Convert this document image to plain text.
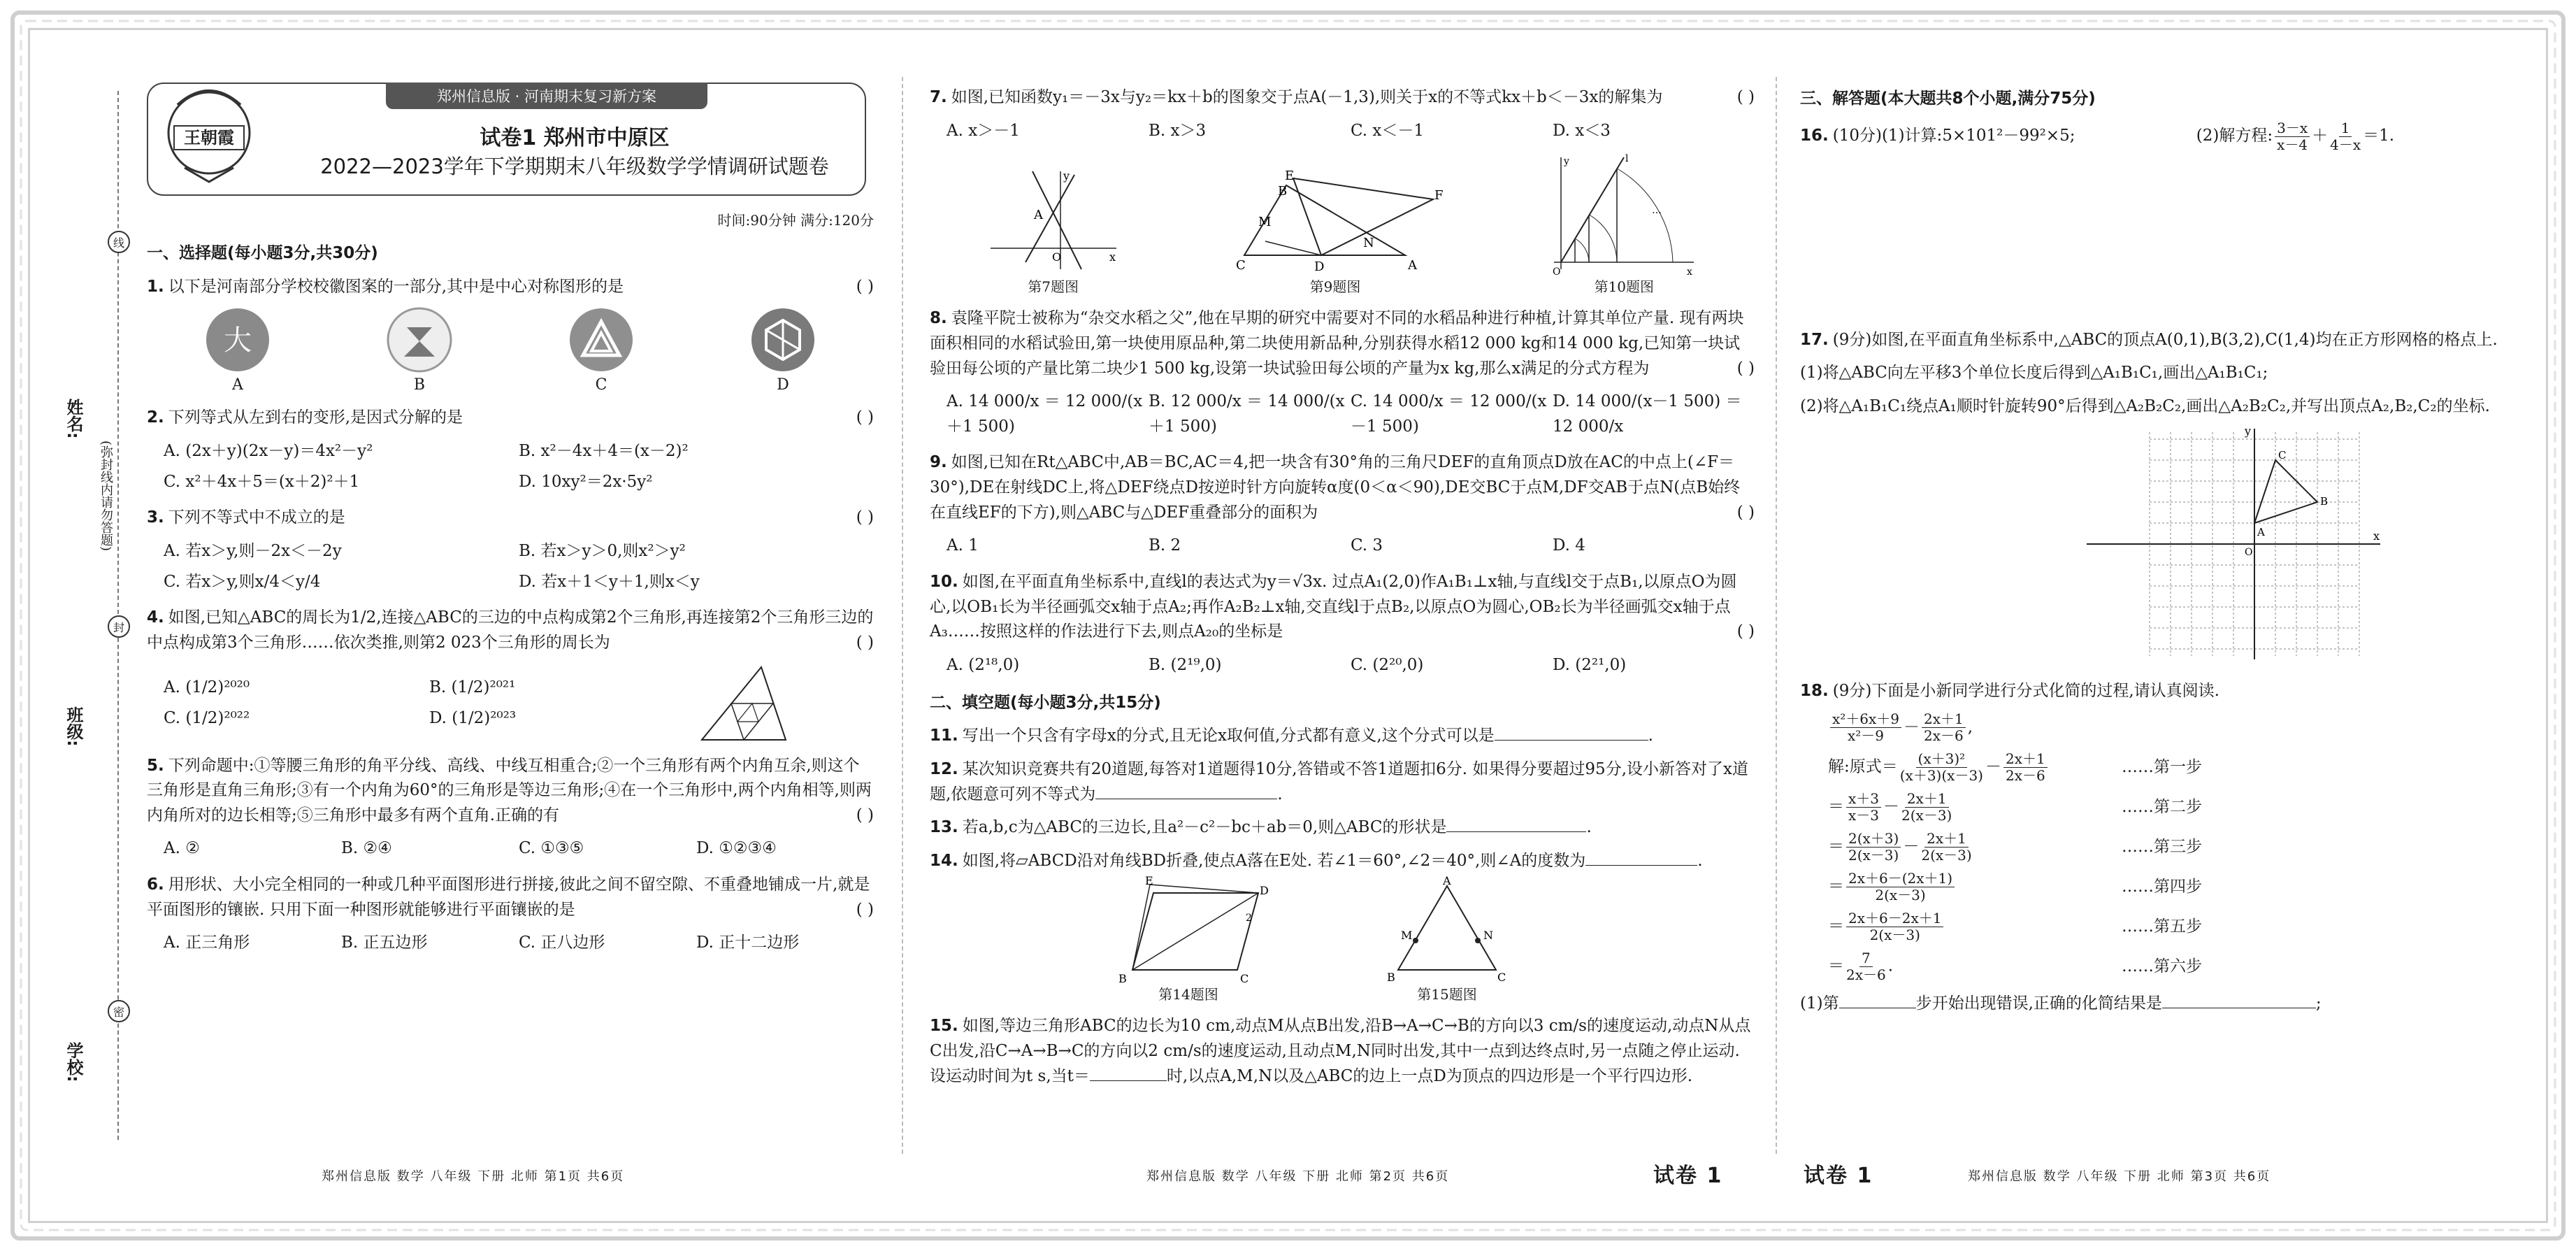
线
封
密
姓名:
(弥封线内请勿答题)
班级:
学校:
郑州信息版 · 河南期末复习新方案
王朝霞	试卷1 郑州市中原区
2022—2023学年下学期期末八年级数学学情调研试题卷
时间:90分钟 满分:120分
一、选择题(每小题3分,共30分)
1. 以下是河南部分学校校徽图案的一部分,其中是中心对称图形的是	( )
大
A	B	C	D
2. 下列等式从左到右的变形,是因式分解的是	( )
A. (2x＋y)(2x－y)＝4x²－y²	B. x²－4x＋4＝(x－2)²
C. x²＋4x＋5＝(x＋2)²＋1	D. 10xy²＝2x·5y²
3. 下列不等式中不成立的是	( )
A. 若x＞y,则－2x＜－2y	B. 若x＞y＞0,则x²＞y²
C. 若x＞y,则x/4＜y/4	D. 若x＋1＜y＋1,则x＜y
4. 如图,已知△ABC的周长为1/2,连接△ABC的三边的中点构成第2个三角形,再连接第2个三角形三边的中点构成第3个三角形……依次类推,则第2 023个三角形的周长为	( )
A. (1/2)²⁰²⁰	B. (1/2)²⁰²¹
C. (1/2)²⁰²²	D. (1/2)²⁰²³
5. 下列命题中:①等腰三角形的角平分线、高线、中线互相重合;②一个三角形有两个内角互余,则这个三角形是直角三角形;③有一个内角为60°的三角形是等边三角形;④在一个三角形中,两个内角相等,则两内角所对的边长相等;⑤三角形中最多有两个直角.正确的有	( )
A. ②	B. ②④	C. ①③⑤	D. ①②③④
6. 用形状、大小完全相同的一种或几种平面图形进行拼接,彼此之间不留空隙、不重叠地铺成一片,就是平面图形的镶嵌. 只用下面一种图形就能够进行平面镶嵌的是	( )
A. 正三角形	B. 正五边形	C. 正八边形	D. 正十二边形
郑州信息版 数学 八年级 下册 北师 第1页 共6页
7. 如图,已知函数y₁＝－3x与y₂＝kx＋b的图象交于点A(－1,3),则关于x的不等式kx＋b＜－3x的解集为	( )
A. x＞－1	B. x＞3	C. x＜－1	D. x＜3
A
O	x
y
第7题图
C	A
E
F
D
B
M
N
第9题图
O	x
y	l
…
第10题图
8. 袁隆平院士被称为“杂交水稻之父”,他在早期的研究中需要对不同的水稻品种进行种植,计算其单位产量. 现有两块面积相同的水稻试验田,第一块使用原品种,第二块使用新品种,分别获得水稻12 000 kg和14 000 kg,已知第一块试验田每公顷的产量比第二块少1 500 kg,设第一块试验田每公顷的产量为x kg,那么x满足的分式方程为	( )
A. 14 000/x ＝ 12 000/(x＋1 500)
B. 12 000/x ＝ 14 000/(x＋1 500)
C. 14 000/x ＝ 12 000/(x－1 500)
D. 14 000/(x－1 500) ＝ 12 000/x
9. 如图,已知在Rt△ABC中,AB＝BC,AC＝4,把一块含有30°角的三角尺DEF的直角顶点D放在AC的中点上(∠F＝30°),DE在射线DC上,将△DEF绕点D按逆时针方向旋转α度(0＜α＜90),DE交BC于点M,DF交AB于点N(点B始终在直线EF的下方),则△ABC与△DEF重叠部分的面积为	( )
A. 1	B. 2	C. 3	D. 4
10. 如图,在平面直角坐标系中,直线l的表达式为y＝√3x. 过点A₁(2,0)作A₁B₁⊥x轴,与直线l交于点B₁,以原点O为圆心,以OB₁长为半径画弧交x轴于点A₂;再作A₂B₂⊥x轴,交直线l于点B₂,以原点O为圆心,OB₂长为半径画弧交x轴于点A₃……按照这样的作法进行下去,则点A₂₀的坐标是	( )
A. (2¹⁸,0)	B. (2¹⁹,0)	C. (2²⁰,0)	D. (2²¹,0)
二、填空题(每小题3分,共15分)
11. 写出一个只含有字母x的分式,且无论x取何值,分式都有意义,这个分式可以是	.
12. 某次知识竞赛共有20道题,每答对1道题得10分,答错或不答1道题扣6分. 如果得分要超过95分,设小新答对了x道题,依题意可列不等式为	.
13. 若a,b,c为△ABC的三边长,且a²－c²－bc＋ab＝0,则△ABC的形状是	.
14. 如图,将▱ABCD沿对角线BD折叠,使点A落在E处. 若∠1＝60°,∠2＝40°,则∠A的度数为	.
B	C
D
E
2
第14题图
A
B	C
M	N
第15题图
15. 如图,等边三角形ABC的边长为10 cm,动点M从点B出发,沿B→A→C→B的方向以3 cm/s的速度运动,动点N从点C出发,沿C→A→B→C的方向以2 cm/s的速度运动,且动点M,N同时出发,其中一点到达终点时,另一点随之停止运动. 设运动时间为t s,当t＝	时,以点A,M,N以及△ABC的边上一点D为顶点的四边形是一个平行四边形.
郑州信息版 数学 八年级 下册 北师 第2页 共6页	试卷 1
三、解答题(本大题共8个小题,满分75分)
16. (10分)(1)计算:5×101²－99²×5;	(2)解方程: $\frac{3-x}{x-4} + \frac{1}{4-x} =1$.
17. (9分)如图,在平面直角坐标系中,△ABC的顶点A(0,1),B(3,2),C(1,4)均在正方形网格的格点上.
(1)将△ABC向左平移3个单位长度后得到△A₁B₁C₁,画出△A₁B₁C₁;
(2)将△A₁B₁C₁绕点A₁顺时针旋转90°后得到△A₂B₂C₂,画出△A₂B₂C₂,并写出顶点A₂,B₂,C₂的坐标.
A
B
C
x
y
O
18. (9分)下面是小新同学进行分式化简的过程,请认真阅读.
$\frac{\text{x²＋6x＋9}}{\text{x²－9}} - \frac{2x+1}{2x-6}$ ,
解:原式＝ $\frac{\text{(x＋3)²}}{(x+3)(x-3)} - \frac{2x+1}{2x-6}$	……第一步
＝ $\frac{x+3}{x-3} - \frac{2x+1}{2(x-3)}$	……第二步
＝ $\frac{2(x+3)}{2(x-3)} - \frac{2x+1}{2(x-3)}$	……第三步
＝ $\frac{2x+6-(2x+1)}{2(x-3)}$	……第四步
＝ $\frac{2x+6-2x+1}{2(x-3)}$	……第五步
＝ $\frac{7}{2x-6}$ .	……第六步
(1)第	步开始出现错误,正确的化简结果是	;
试卷 1	郑州信息版 数学 八年级 下册 北师 第3页 共6页
